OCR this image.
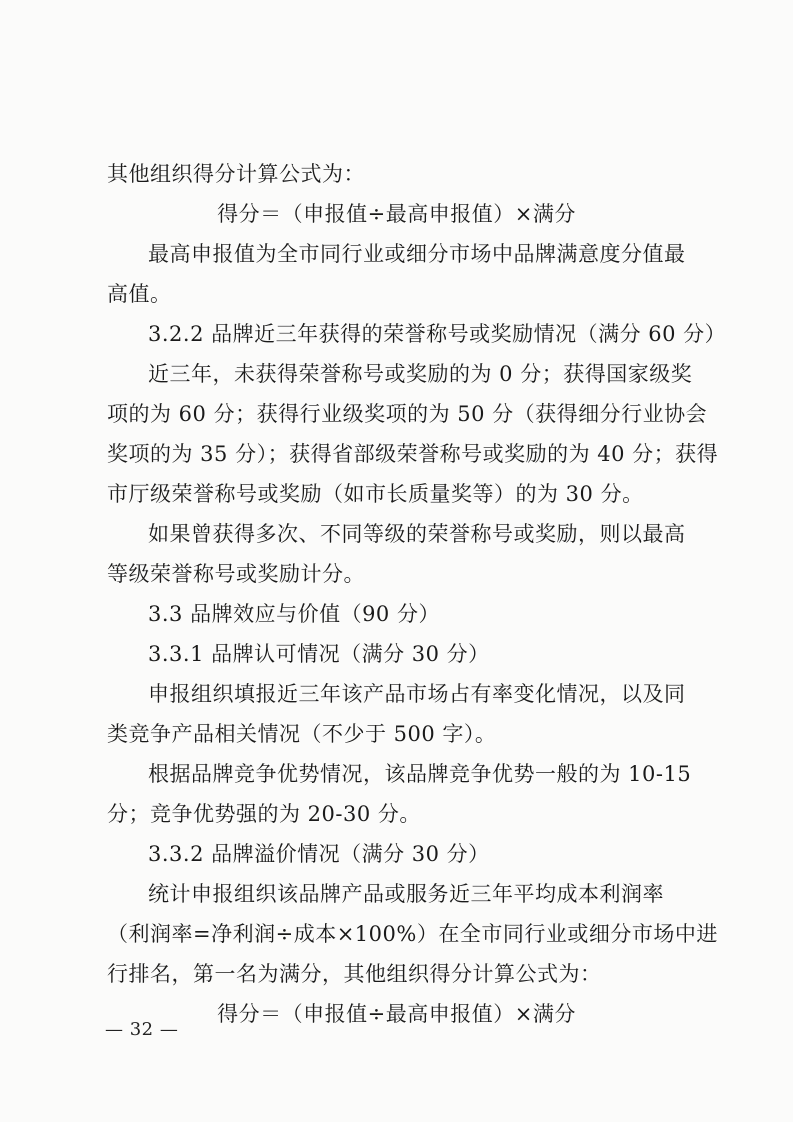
其他组织得分计算公式为：
得分＝（申报值÷最高申报值）×满分
最高申报值为全市同行业或细分市场中品牌满意度分值最
高值。
3.2.2 品牌近三年获得的荣誉称号或奖励情况（满分 60 分）
近三年，未获得荣誉称号或奖励的为 0 分；获得国家级奖
项的为 60 分；获得行业级奖项的为 50 分（获得细分行业协会
奖项的为 35 分）；获得省部级荣誉称号或奖励的为 40 分；获得
市厅级荣誉称号或奖励（如市长质量奖等）的为 30 分。
如果曾获得多次、不同等级的荣誉称号或奖励，则以最高
等级荣誉称号或奖励计分。
3.3 品牌效应与价值（90 分）
3.3.1 品牌认可情况（满分 30 分）
申报组织填报近三年该产品市场占有率变化情况，以及同
类竞争产品相关情况（不少于 500 字）。
根据品牌竞争优势情况，该品牌竞争优势一般的为 10-15
分；竞争优势强的为 20-30 分。
3.3.2 品牌溢价情况（满分 30 分）
统计申报组织该品牌产品或服务近三年平均成本利润率
（利润率=净利润÷成本×100%）在全市同行业或细分市场中进
行排名，第一名为满分，其他组织得分计算公式为：
得分＝（申报值÷最高申报值）×满分
— 32 —
